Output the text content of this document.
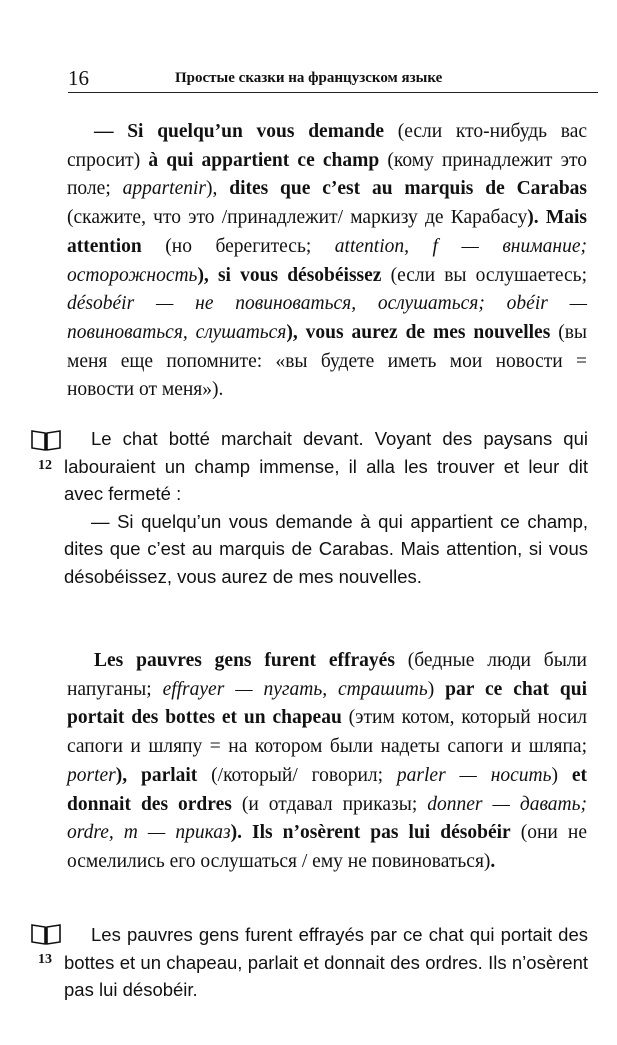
16	Простые сказки на французском языке

— Si quelqu’un vous demande (если кто-нибудь вас спросит) à qui appartient ce champ (кому принадлежит это поле; appartenir), dites que c’est au marquis de Carabas (скажите, что это /принадлежит/ маркизу де Карабасу). Mais attention (но берегитесь; attention, f — внимание; осторожность), si vous désobéissez (если вы ослушаетесь; désobéir — не повиноваться, ослушаться; obéir — повиноваться, слушаться), vous aurez de mes nouvelles (вы меня еще попомните: «вы будете иметь мои новости = новости от меня»).

12

Le chat botté marchait devant. Voyant des paysans qui labouraient un champ immense, il alla les trouver et leur dit avec fermeté :

— Si quelqu’un vous demande à qui appartient ce champ, dites que c’est au marquis de Carabas. Mais attention, si vous désobéissez, vous aurez de mes nouvelles.

Les pauvres gens furent effrayés (бедные люди были напуганы; effrayer — пугать, страшить) par ce chat qui portait des bottes et un chapeau (этим котом, который носил сапоги и шляпу = на котором были надеты сапоги и шляпа; porter), parlait (/который/ говорил; parler — носить) et donnait des ordres (и отдавал приказы; donner — давать; ordre, m — приказ). Ils n’osèrent pas lui désobéir (они не осмелились его ослушаться / ему не повиноваться).

13

Les pauvres gens furent effrayés par ce chat qui portait des bottes et un chapeau, parlait et donnait des ordres. Ils n’osèrent pas lui désobéir.
